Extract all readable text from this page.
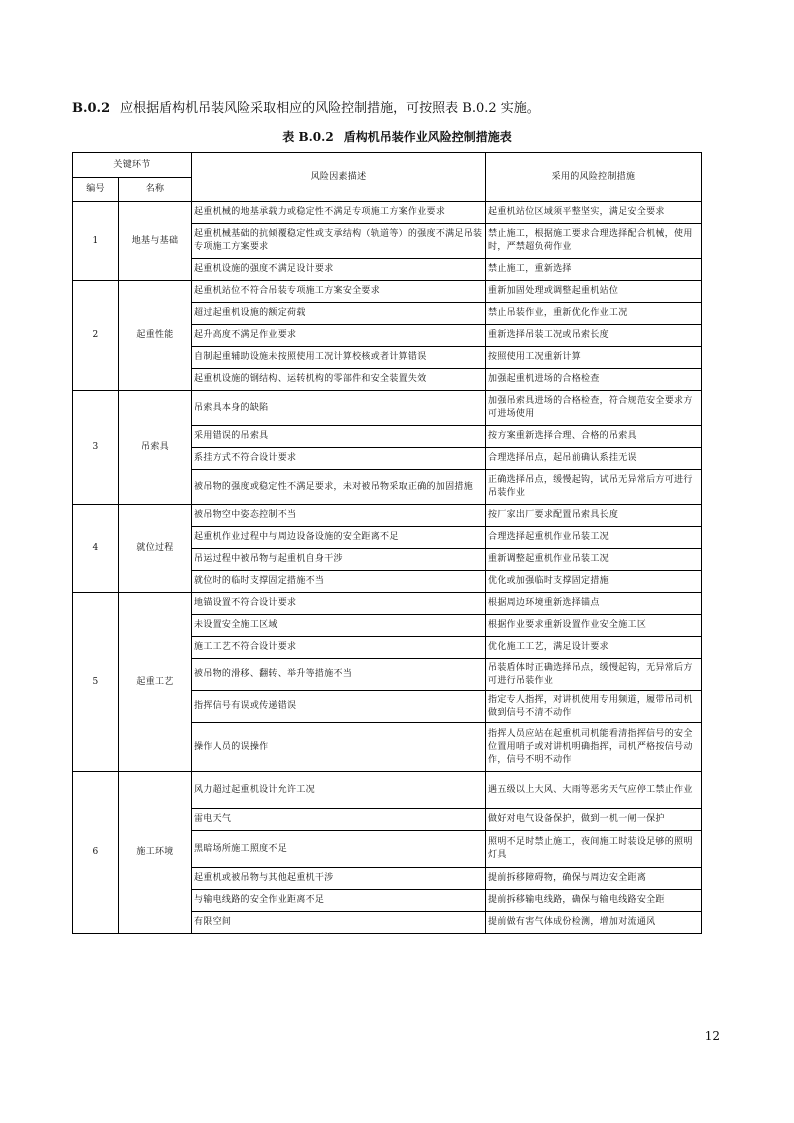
B.0.2 应根据盾构机吊装风险采取相应的风险控制措施，可按照表 B.0.2 实施。
表 B.0.2 盾构机吊装作业风险控制措施表
关键环节		风险因素描述	采用的风险控制措施
编号	名称		
1	地基与基础	起重机械的地基承载力或稳定性不满足专项施工方案作业要求	起重机站位区域须平整坚实，满足安全要求
		起重机械基础的抗倾覆稳定性或支承结构（轨道等）的强度不满足吊装专项施工方案要求	禁止施工，根据施工要求合理选择配合机械，使用时，严禁超负荷作业
		起重机设施的强度不满足设计要求	禁止施工，重新选择
2	起重性能	起重机站位不符合吊装专项施工方案安全要求	重新加固处理或调整起重机站位
		超过起重机设施的额定荷载	禁止吊装作业，重新优化作业工况
		起升高度不满足作业要求	重新选择吊装工况或吊索长度
		自制起重辅助设施未按照使用工况计算校核或者计算错误	按照使用工况重新计算
		起重机设施的钢结构、运转机构的零部件和安全装置失效	加强起重机进场的合格检查
3	吊索具	吊索具本身的缺陷	加强吊索具进场的合格检查，符合规范安全要求方可进场使用
		采用错误的吊索具	按方案重新选择合理、合格的吊索具
		系挂方式不符合设计要求	合理选择吊点，起吊前确认系挂无误
		被吊物的强度或稳定性不满足要求，未对被吊物采取正确的加固措施	正确选择吊点，缓慢起钩，试吊无异常后方可进行吊装作业
4	就位过程	被吊物空中姿态控制不当	按厂家出厂要求配置吊索具长度
		起重机作业过程中与周边设备设施的安全距离不足	合理选择起重机作业吊装工况
		吊运过程中被吊物与起重机自身干涉	重新调整起重机作业吊装工况
		就位时的临时支撑固定措施不当	优化或加强临时支撑固定措施
5	起重工艺	地锚设置不符合设计要求	根据周边环境重新选择锚点
		未设置安全施工区域	根据作业要求重新设置作业安全施工区
		施工工艺不符合设计要求	优化施工工艺，满足设计要求
		被吊物的滑移、翻转、举升等措施不当	吊装盾体时正确选择吊点，缓慢起钩，无异常后方可进行吊装作业
		指挥信号有误或传递错误	指定专人指挥，对讲机使用专用频道，履带吊司机做到信号不清不动作
		操作人员的误操作	指挥人员应站在起重机司机能看清指挥信号的安全位置用哨子或对讲机明确指挥，司机严格按信号动作，信号不明不动作
6	施工环境	风力超过起重机设计允许工况	遇五级以上大风、大雨等恶劣天气应停工禁止作业
		雷电天气	做好对电气设备保护，做到一机一闸一保护
		黑暗场所施工照度不足	照明不足时禁止施工，夜间施工时装设足够的照明灯具
		起重机或被吊物与其他起重机干涉	提前拆移障碍物，确保与周边安全距离
		与输电线路的安全作业距离不足	提前拆移输电线路，确保与输电线路安全距
		有限空间	提前做有害气体成份检测，增加对流通风
12
